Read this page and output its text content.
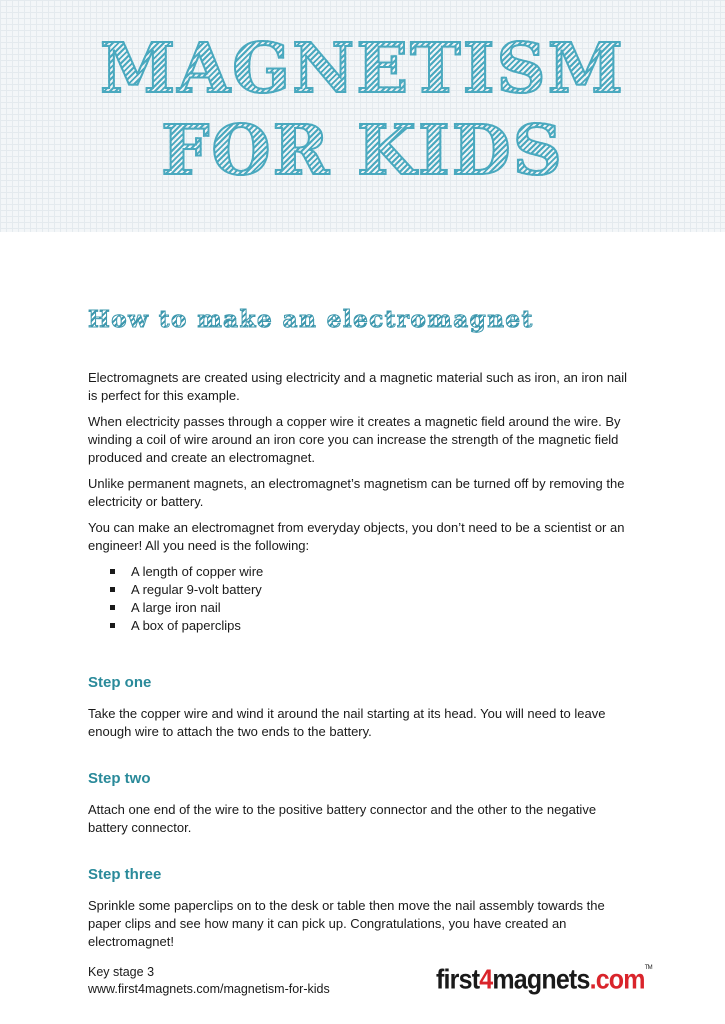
MAGNETISM
FOR KIDS
How to make an electromagnet

Electromagnets are created using electricity and a magnetic material such as iron, an iron nail is perfect for this example.

When electricity passes through a copper wire it creates a magnetic field around the wire. By winding a coil of wire around an iron core you can increase the strength of the magnetic field produced and create an electromagnet.

Unlike permanent magnets, an electromagnet’s magnetism can be turned off by removing the electricity or battery.

You can make an electromagnet from everyday objects, you don’t need to be a scientist or an engineer! All you need is the following:

A length of copper wire
A regular 9-volt battery
A large iron nail
A box of paperclips
Step one

Take the copper wire and wind it around the nail starting at its head. You will need to leave enough wire to attach the two ends to the battery.

Step two

Attach one end of the wire to the positive battery connector and the other to the negative battery connector.

Step three

Sprinkle some paperclips on to the desk or table then move the nail assembly towards the paper clips and see how many it can pick up. Congratulations, you have created an electromagnet!

Key stage 3
www.first4magnets.com/magnetism-for-kids	first4magnets.com™
